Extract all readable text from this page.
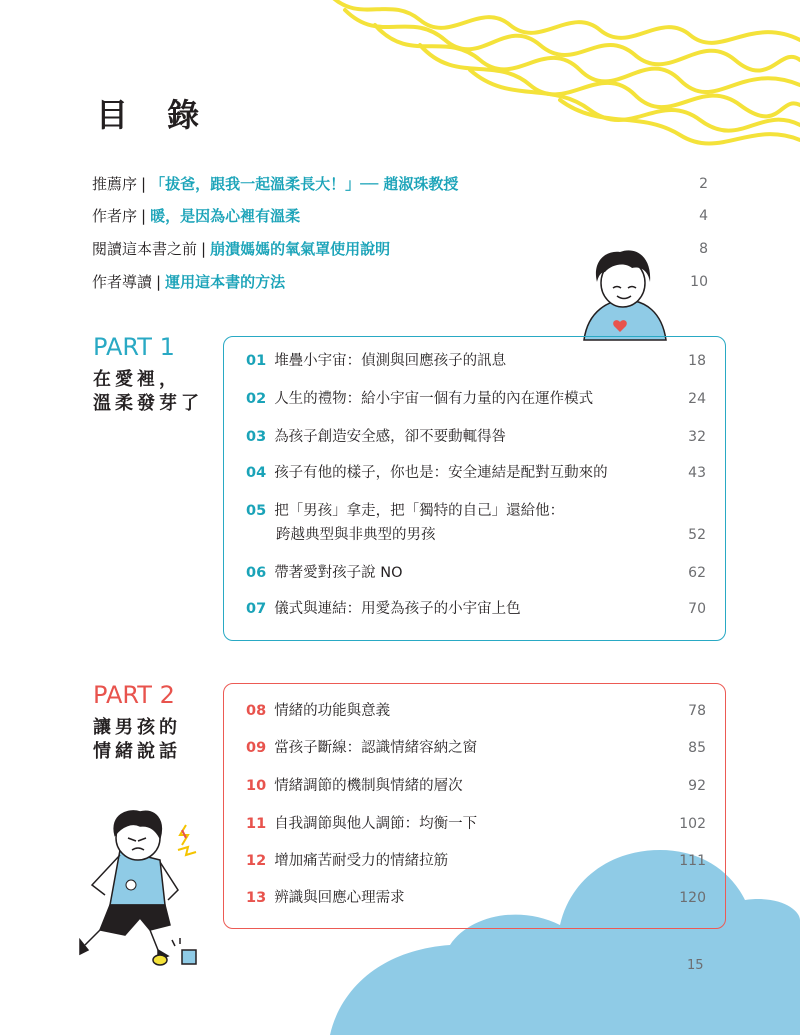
目 錄
推薦序 | 「拔爸，跟我一起溫柔長大！」── 趙淑珠教授	2
作者序 | 暖，是因為心裡有溫柔	4
閱讀這本書之前 | 崩潰媽媽的氧氣罩使用說明	8
作者導讀 | 運用這本書的方法	10
PART 1
在愛裡，
溫柔發芽了
01 堆疊小宇宙：偵測與回應孩子的訊息	18
02 人生的禮物：給小宇宙一個有力量的內在運作模式	24
03 為孩子創造安全感，卻不要動輒得咎	32
04 孩子有他的樣子，你也是：安全連結是配對互動來的	43
05 把「男孩」拿走，把「獨特的自己」還給他：
跨越典型與非典型的男孩	52
06 帶著愛對孩子說 NO	62
07 儀式與連結：用愛為孩子的小宇宙上色	70
PART 2
讓男孩的
情緒說話
08 情緒的功能與意義	78
09 當孩子斷線：認識情緒容納之窗	85
10 情緒調節的機制與情緒的層次	92
11 自我調節與他人調節：均衡一下	102
12 增加痛苦耐受力的情緒拉筋	111
13 辨識與回應心理需求	120
15
